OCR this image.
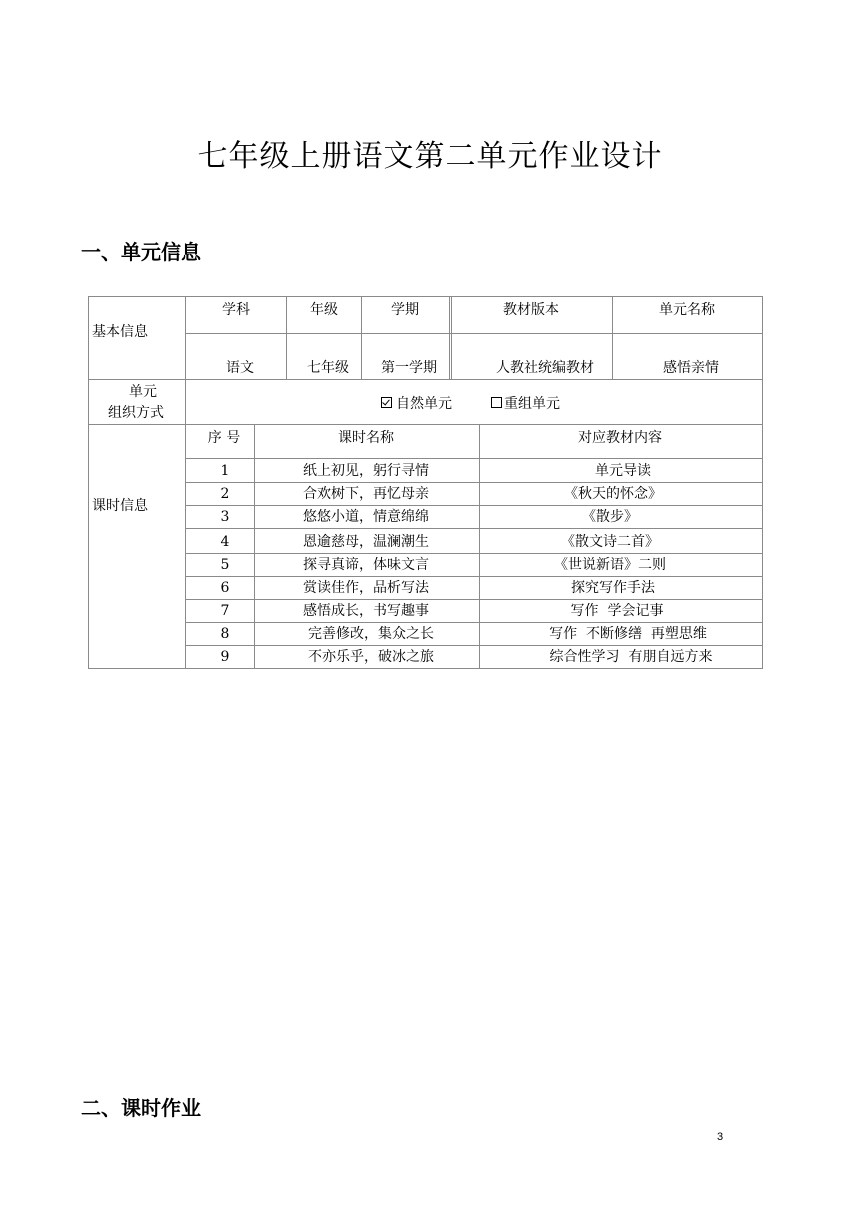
七年级上册语文第二单元作业设计
一、单元信息
基本信息
学科	年级	学期	教材版本	单元名称
语文	七年级 第一学期	人教社统编教材	感悟亲情
单元
组织方式
自然单元	重组单元
课时信息
序 号	课时名称	对应教材内容
1	纸上初见，躬行寻情	单元导读
2	合欢树下，再忆母亲	《秋天的怀念》
3	悠悠小道，情意绵绵	《散步》
4	恩逾慈母，温澜潮生	《散文诗二首》
5	探寻真谛，体味文言	《世说新语》二则
6	赏读佳作，品析写法	探究写作手法
7	感悟成长，书写趣事	写作  学会记事
8	完善修改，集众之长	写作  不断修缮  再塑思维
9	不亦乐乎，破冰之旅	综合性学习  有朋自远方来
二、课时作业
3
